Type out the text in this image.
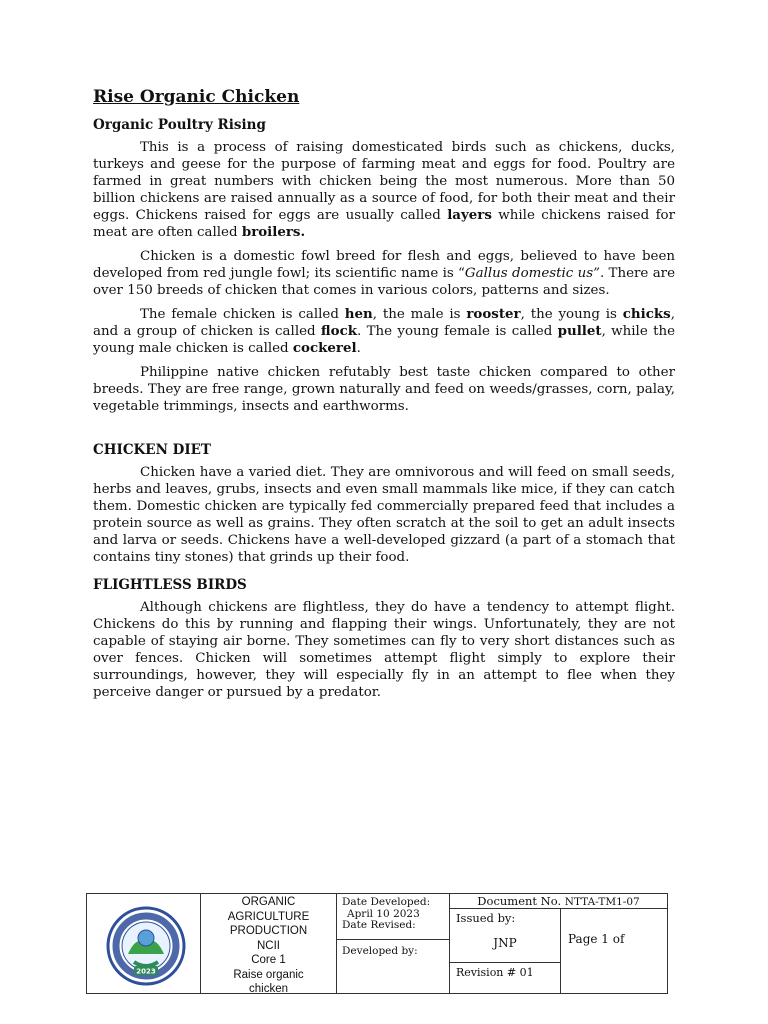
Rise Organic Chicken
Organic Poultry Rising

This is a process of raising domesticated birds such as chickens, ducks, turkeys and geese for the purpose of farming meat and eggs for food. Poultry are farmed in great numbers with chicken being the most numerous. More than 50 billion chickens are raised annually as a source of food, for both their meat and their eggs. Chickens raised for eggs are usually called layers while chickens raised for meat are often called broilers.

Chicken is a domestic fowl breed for flesh and eggs, believed to have been developed from red jungle fowl; its scientific name is “Gallus domestic us”. There are over 150 breeds of chicken that comes in various colors, patterns and sizes.

The female chicken is called hen, the male is rooster, the young is chicks, and a group of chicken is called flock. The young female is called pullet, while the young male chicken is called cockerel.

Philippine native chicken refutably best taste chicken compared to other breeds. They are free range, grown naturally and feed on weeds/grasses, corn, palay, vegetable trimmings, insects and earthworms.

CHICKEN DIET

Chicken have a varied diet. They are omnivorous and will feed on small seeds, herbs and leaves, grubs, insects and even small mammals like mice, if they can catch them. Domestic chicken are typically fed commercially prepared feed that includes a protein source as well as grains. They often scratch at the soil to get an adult insects and larva or seeds. Chickens have a well-developed gizzard (a part of a stomach that contains tiny stones) that grinds up their food.

FLIGHTLESS BIRDS

Although chickens are flightless, they do have a tendency to attempt flight. Chickens do this by running and flapping their wings. Unfortunately, they are not capable of staying air borne. They sometimes can fly to very short distances such as over fences. Chicken will sometimes attempt flight simply to explore their surroundings, however, they will especially fly in an attempt to flee when they perceive danger or pursued by a predator.

2023
ORGANIC
AGRICULTURE
PRODUCTION
NCII
Core 1
Raise organic
chicken
Date Developed:
April 10 2023
Date Revised:
Developed by:
Document No. NTTA-TM1-07
Issued by:
JNP
Revision # 01
Page 1 of
